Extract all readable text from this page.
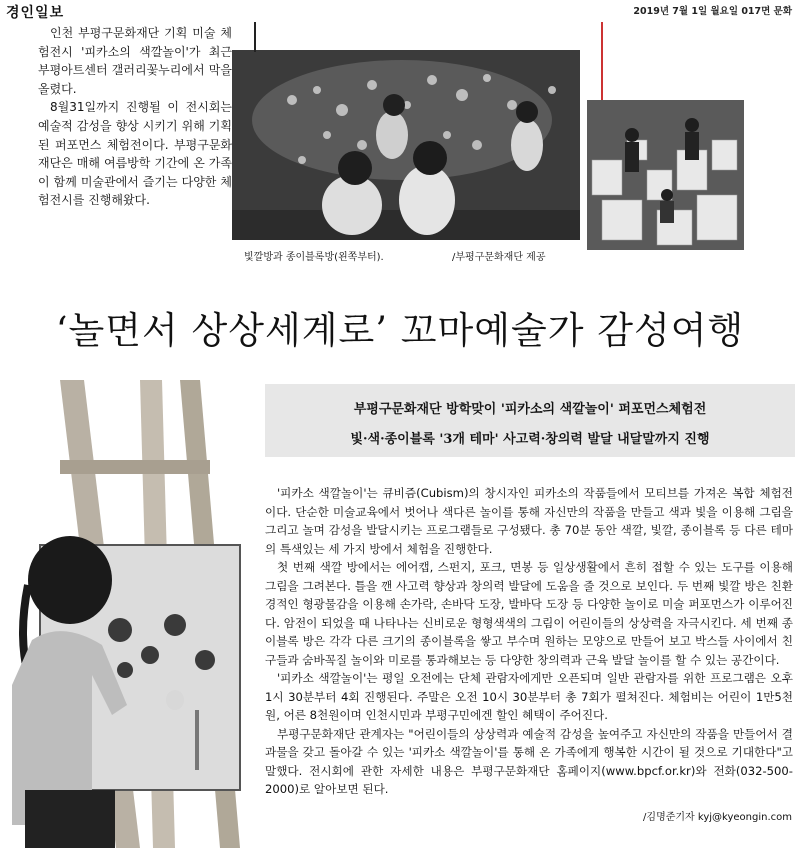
경인일보	2019년 7월 1일 월요일 017면 문화

인천 부평구문화재단 기획 미술 체험전시 '피카소의 색깔놀이'가 최근 부평아트센터 갤러리꽃누리에서 막을 올렸다.

8월31일까지 진행될 이 전시회는 예술적 감성을 향상 시키기 위해 기획된 퍼포먼스 체험전이다. 부평구문화재단은 매해 여름방학 기간에 온 가족이 함께 미술관에서 즐기는 다양한 체험전시를 진행해왔다.

빛깔방과 종이블록방(왼쪽부터).	/부평구문화재단 제공
‘놀면서 상상세계로’ 꼬마예술가 감성여행
부평구문화재단 방학맞이 '피카소의 색깔놀이' 퍼포먼스체험전
빛·색·종이블록 '3개 테마' 사고력·창의력 발달 내달말까지 진행

'피카소 색깔놀이'는 큐비즘(Cubism)의 창시자인 피카소의 작품들에서 모티브를 가져온 복합 체험전이다. 단순한 미술교육에서 벗어나 색다른 놀이를 통해 자신만의 작품을 만들고 색과 빛을 이용해 그림을 그리고 놀며 감성을 발달시키는 프로그램들로 구성됐다. 총 70분 동안 색깔, 빛깔, 종이블록 등 다른 테마의 특색있는 세 가지 방에서 체험을 진행한다.

첫 번째 색깔 방에서는 에어캡, 스펀지, 포크, 면봉 등 일상생활에서 흔히 접할 수 있는 도구를 이용해 그림을 그려본다. 틀을 깬 사고력 향상과 창의력 발달에 도움을 줄 것으로 보인다. 두 번째 빛깔 방은 친환경적인 형광물감을 이용해 손가락, 손바닥 도장, 발바닥 도장 등 다양한 놀이로 미술 퍼포먼스가 이루어진다. 암전이 되었을 때 나타나는 신비로운 형형색색의 그림이 어린이들의 상상력을 자극시킨다. 세 번째 종이블록 방은 각각 다른 크기의 종이블록을 쌓고 부수며 원하는 모양으로 만들어 보고 박스들 사이에서 친구들과 숨바꼭질 놀이와 미로를 통과해보는 등 다양한 창의력과 근육 발달 놀이를 할 수 있는 공간이다.

'피카소 색깔놀이'는 평일 오전에는 단체 관람자에게만 오픈되며 일반 관람자를 위한 프로그램은 오후 1시 30분부터 4회 진행된다. 주말은 오전 10시 30분부터 총 7회가 펼쳐진다. 체험비는 어린이 1만5천원, 어른 8천원이며 인천시민과 부평구민에겐 할인 혜택이 주어진다.

부평구문화재단 관계자는 "어린이들의 상상력과 예술적 감성을 높여주고 자신만의 작품을 만들어서 결과물을 갖고 돌아갈 수 있는 '피카소 색깔놀이'를 통해 온 가족에게 행복한 시간이 될 것으로 기대한다"고 말했다. 전시회에 관한 자세한 내용은 부평구문화재단 홈페이지(www.bpcf.or.kr)와 전화(032-500-2000)로 알아보면 된다.

/김명준기자 kyj@kyeongin.com
